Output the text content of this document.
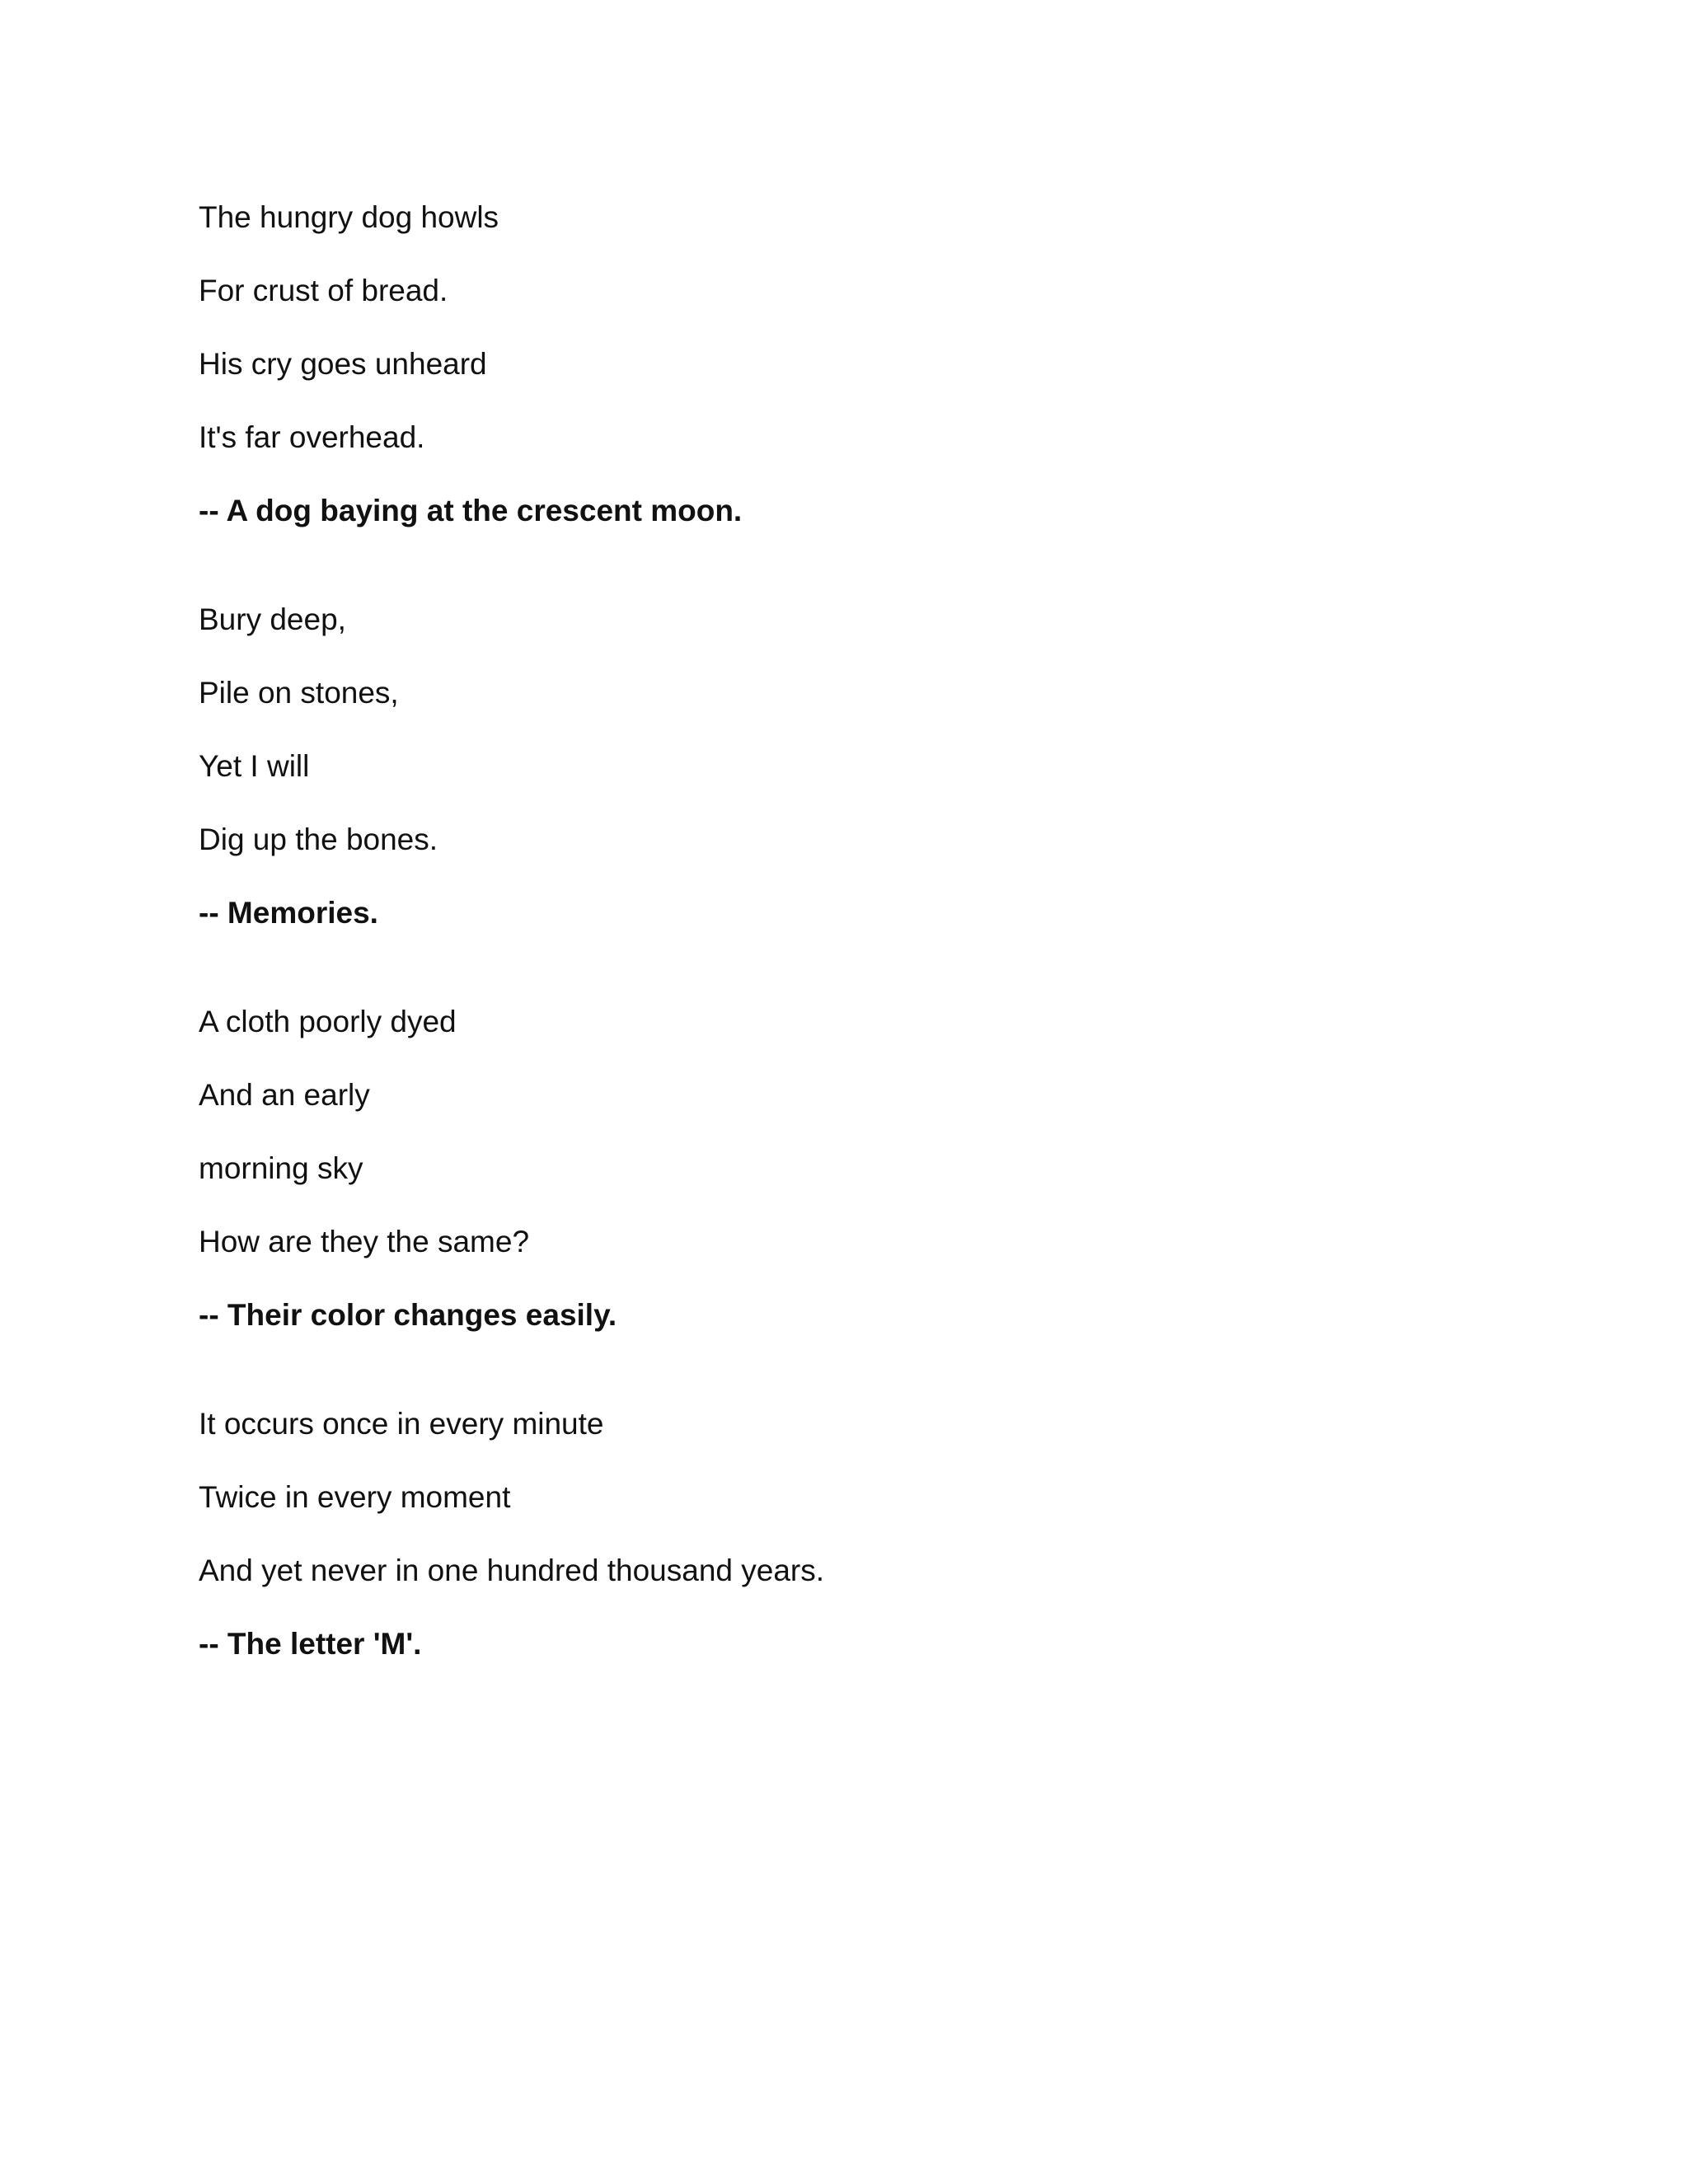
The hungry dog howls
For crust of bread.
His cry goes unheard
It's far overhead.
-- A dog baying at the crescent moon.
Bury deep,
Pile on stones,
Yet I will
Dig up the bones.
-- Memories.
A cloth poorly dyed
And an early
morning sky
How are they the same?
-- Their color changes easily.
It occurs once in every minute
Twice in every moment
And yet never in one hundred thousand years.
-- The letter 'M'.
